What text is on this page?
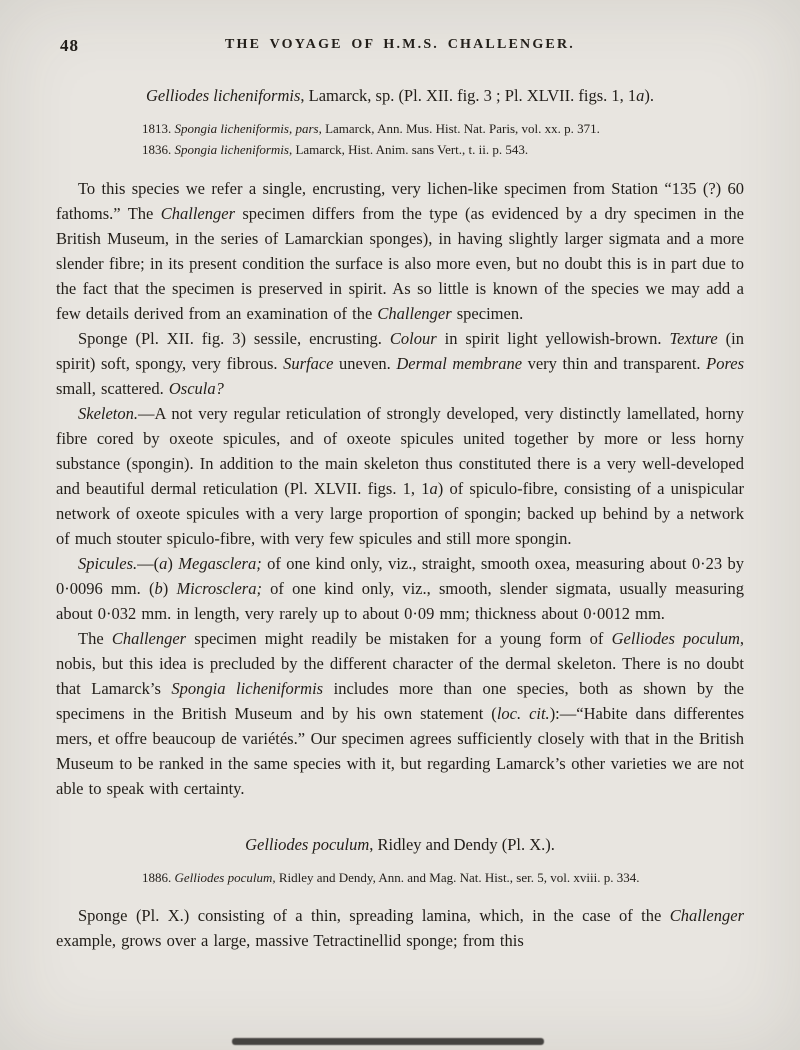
48	THE VOYAGE OF H.M.S. CHALLENGER.
Gelliodes licheniformis, Lamarck, sp. (Pl. XII. fig. 3 ; Pl. XLVII. figs. 1, 1a).

1813. Spongia licheniformis, pars, Lamarck, Ann. Mus. Hist. Nat. Paris, vol. xx. p. 371.

1836. Spongia licheniformis, Lamarck, Hist. Anim. sans Vert., t. ii. p. 543.

To this species we refer a single, encrusting, very lichen-like specimen from Station “135 (?) 60 fathoms.” The Challenger specimen differs from the type (as evidenced by a dry specimen in the British Museum, in the series of Lamarckian sponges), in having slightly larger sigmata and a more slender fibre; in its present condition the surface is also more even, but no doubt this is in part due to the fact that the specimen is preserved in spirit. As so little is known of the species we may add a few details derived from an examination of the Challenger specimen.

Sponge (Pl. XII. fig. 3) sessile, encrusting. Colour in spirit light yellowish-brown. Texture (in spirit) soft, spongy, very fibrous. Surface uneven. Dermal membrane very thin and transparent. Pores small, scattered. Oscula?

Skeleton.—A not very regular reticulation of strongly developed, very distinctly lamellated, horny fibre cored by oxeote spicules, and of oxeote spicules united together by more or less horny substance (spongin). In addition to the main skeleton thus constituted there is a very well-developed and beautiful dermal reticulation (Pl. XLVII. figs. 1, 1a) of spiculo-fibre, consisting of a unispicular network of oxeote spicules with a very large proportion of spongin; backed up behind by a network of much stouter spiculo-fibre, with very few spicules and still more spongin.

Spicules.—(a) Megasclera; of one kind only, viz., straight, smooth oxea, measuring about 0·23 by 0·0096 mm. (b) Microsclera; of one kind only, viz., smooth, slender sigmata, usually measuring about 0·032 mm. in length, very rarely up to about 0·09 mm; thickness about 0·0012 mm.

The Challenger specimen might readily be mistaken for a young form of Gelliodes poculum, nobis, but this idea is precluded by the different character of the dermal skeleton. There is no doubt that Lamarck’s Spongia licheniformis includes more than one species, both as shown by the specimens in the British Museum and by his own statement (loc. cit.):—“Habite dans differentes mers, et offre beaucoup de variétés.” Our specimen agrees sufficiently closely with that in the British Museum to be ranked in the same species with it, but regarding Lamarck’s other varieties we are not able to speak with certainty.

Gelliodes poculum, Ridley and Dendy (Pl. X.).

1886. Gelliodes poculum, Ridley and Dendy, Ann. and Mag. Nat. Hist., ser. 5, vol. xviii. p. 334.

Sponge (Pl. X.) consisting of a thin, spreading lamina, which, in the case of the Challenger example, grows over a large, massive Tetractinellid sponge; from this
